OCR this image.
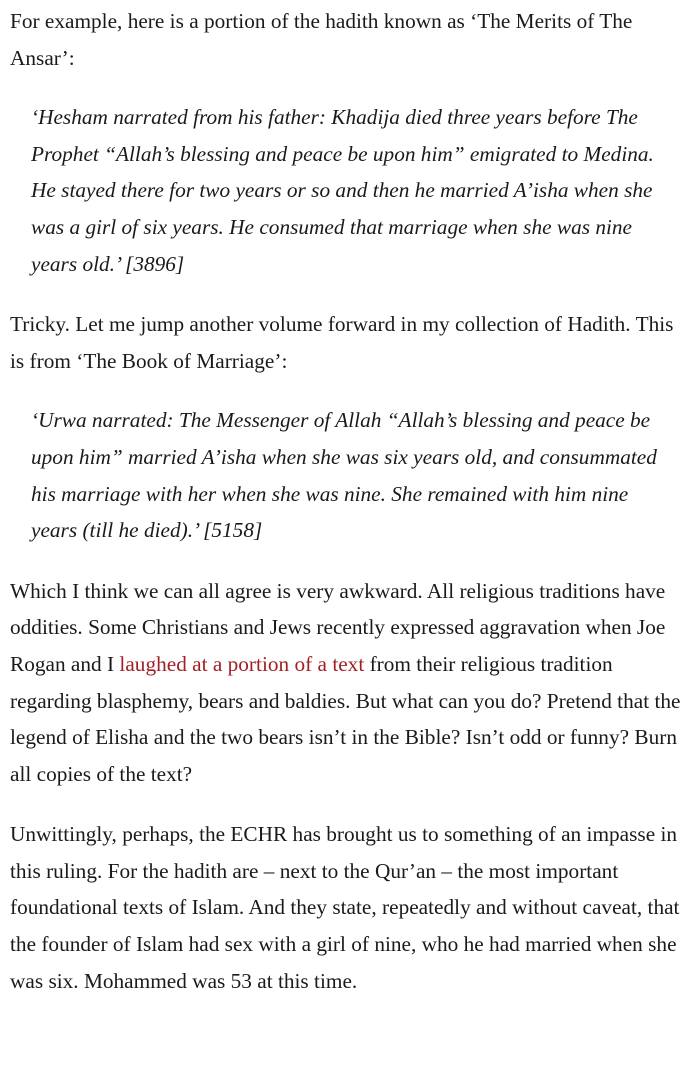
For example, here is a portion of the hadith known as ‘The Merits of The Ansar’:

‘Hesham narrated from his father: Khadija died three years before The Prophet “Allah’s blessing and peace be upon him” emigrated to Medina. He stayed there for two years or so and then he married A’isha when she was a girl of six years. He consumed that marriage when she was nine years old.’ [3896]

Tricky. Let me jump another volume forward in my collection of Hadith. This is from ‘The Book of Marriage’:

‘Urwa narrated: The Messenger of Allah “Allah’s blessing and peace be upon him” married A’isha when she was six years old, and consummated his marriage with her when she was nine. She remained with him nine years (till he died).’ [5158]

Which I think we can all agree is very awkward. All religious traditions have oddities. Some Christians and Jews recently expressed aggravation when Joe Rogan and I laughed at a portion of a text from their religious tradition regarding blasphemy, bears and baldies. But what can you do? Pretend that the legend of Elisha and the two bears isn’t in the Bible? Isn’t odd or funny? Burn all copies of the text?

Unwittingly, perhaps, the ECHR has brought us to something of an impasse in this ruling. For the hadith are – next to the Qur’an – the most important foundational texts of Islam. And they state, repeatedly and without caveat, that the founder of Islam had sex with a girl of nine, who he had married when she was six. Mohammed was 53 at this time.
